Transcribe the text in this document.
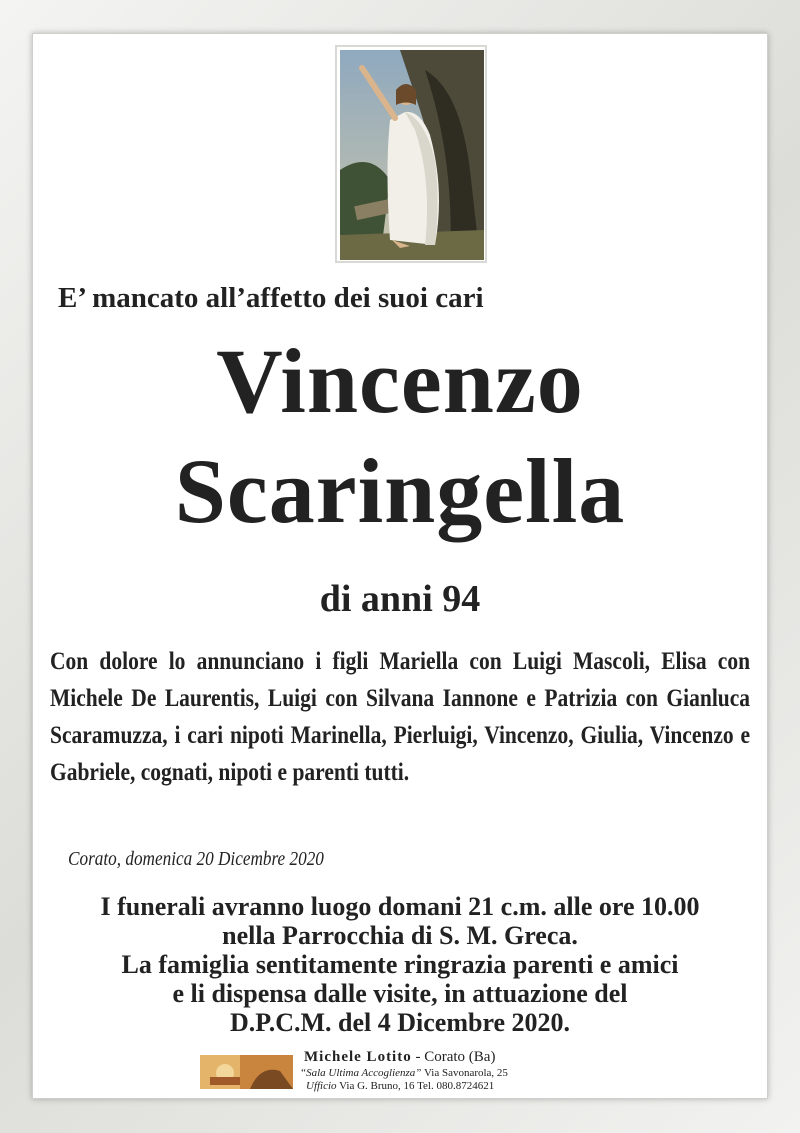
E’ mancato all’affetto dei suoi cari
Vincenzo
Scaringella
di anni 94
Con dolore lo annunciano i figli Mariella con Luigi Mascoli, Elisa con Michele De Laurentis, Luigi con Silvana Iannone e Patrizia con Gianluca Scaramuzza, i cari nipoti Marinella, Pierluigi, Vincenzo, Giulia, Vincenzo e Gabriele, cognati, nipoti e parenti tutti.
Corato, domenica 20 Dicembre 2020
I funerali avranno luogo domani 21 c.m. alle ore 10.00
nella Parrocchia di S. M. Greca.
La famiglia sentitamente ringrazia parenti e amici
e li dispensa dalle visite, in attuazione del
D.P.C.M. del 4 Dicembre 2020.
Michele Lotito - Corato (Ba)
“Sala Ultima Accoglienza” Via Savonarola, 25
Ufficio Via G. Bruno, 16 Tel. 080.8724621
